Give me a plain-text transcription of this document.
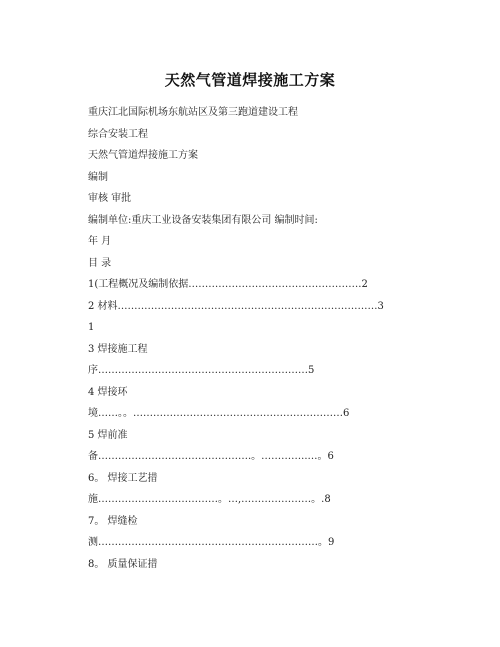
天然气管道焊接施工方案

重庆江北国际机场东航站区及第三跑道建设工程

综合安装工程

天然气管道焊接施工方案

编制

审核 审批

编制单位:重庆工业设备安装集团有限公司 编制时间:

年 月

目 录

1(工程概况及编制依据…………………………………………….2

2 材料……………………………………………………………………3

1

3 焊接施工程

序………………………………………………………5

4 焊接环

境……。。………………………………………………………6

5 焊前准

备……………………………………….。…………..…。6

6。 焊接工艺措

施………………………………。…,…………………。.8

7。 焊缝检

测…………………………………………………………。9

8。 质量保证措
